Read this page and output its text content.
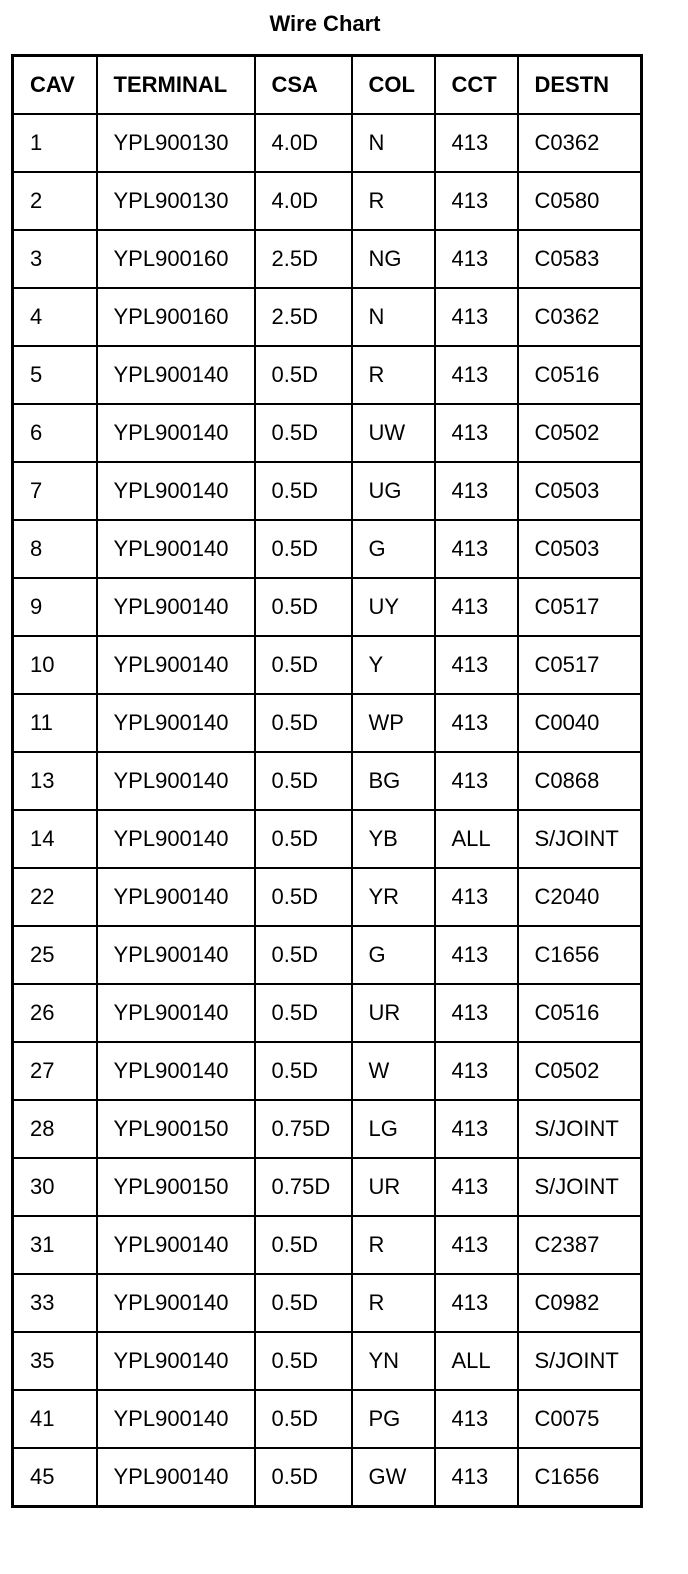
Wire Chart
CAV	TERMINAL	CSA	COL	CCT	DESTN
1	YPL900130	4.0D	N	413	C0362
2	YPL900130	4.0D	R	413	C0580
3	YPL900160	2.5D	NG	413	C0583
4	YPL900160	2.5D	N	413	C0362
5	YPL900140	0.5D	R	413	C0516
6	YPL900140	0.5D	UW	413	C0502
7	YPL900140	0.5D	UG	413	C0503
8	YPL900140	0.5D	G	413	C0503
9	YPL900140	0.5D	UY	413	C0517
10	YPL900140	0.5D	Y	413	C0517
11	YPL900140	0.5D	WP	413	C0040
13	YPL900140	0.5D	BG	413	C0868
14	YPL900140	0.5D	YB	ALL	S/JOINT
22	YPL900140	0.5D	YR	413	C2040
25	YPL900140	0.5D	G	413	C1656
26	YPL900140	0.5D	UR	413	C0516
27	YPL900140	0.5D	W	413	C0502
28	YPL900150	0.75D	LG	413	S/JOINT
30	YPL900150	0.75D	UR	413	S/JOINT
31	YPL900140	0.5D	R	413	C2387
33	YPL900140	0.5D	R	413	C0982
35	YPL900140	0.5D	YN	ALL	S/JOINT
41	YPL900140	0.5D	PG	413	C0075
45	YPL900140	0.5D	GW	413	C1656
